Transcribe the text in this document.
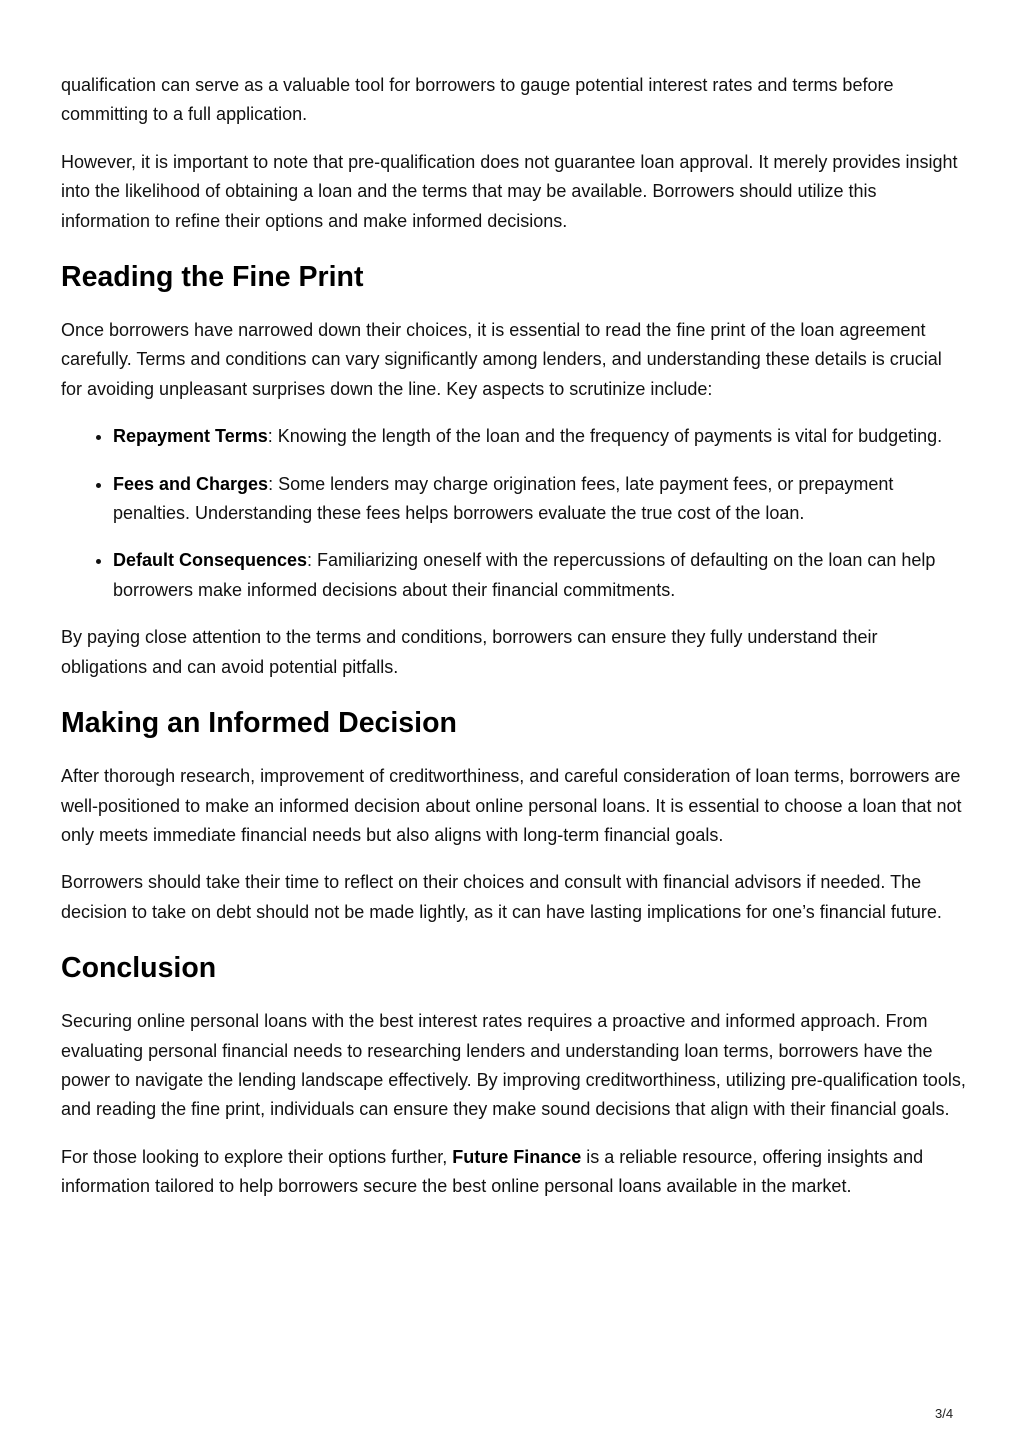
qualification can serve as a valuable tool for borrowers to gauge potential interest rates and terms before committing to a full application.

However, it is important to note that pre-qualification does not guarantee loan approval. It merely provides insight into the likelihood of obtaining a loan and the terms that may be available. Borrowers should utilize this information to refine their options and make informed decisions.

Reading the Fine Print

Once borrowers have narrowed down their choices, it is essential to read the fine print of the loan agreement carefully. Terms and conditions can vary significantly among lenders, and understanding these details is crucial for avoiding unpleasant surprises down the line. Key aspects to scrutinize include:

• Repayment Terms: Knowing the length of the loan and the frequency of payments is vital for budgeting.
• Fees and Charges: Some lenders may charge origination fees, late payment fees, or prepayment penalties. Understanding these fees helps borrowers evaluate the true cost of the loan.
• Default Consequences: Familiarizing oneself with the repercussions of defaulting on the loan can help borrowers make informed decisions about their financial commitments.

By paying close attention to the terms and conditions, borrowers can ensure they fully understand their obligations and can avoid potential pitfalls.

Making an Informed Decision

After thorough research, improvement of creditworthiness, and careful consideration of loan terms, borrowers are well-positioned to make an informed decision about online personal loans. It is essential to choose a loan that not only meets immediate financial needs but also aligns with long-term financial goals.

Borrowers should take their time to reflect on their choices and consult with financial advisors if needed. The decision to take on debt should not be made lightly, as it can have lasting implications for one’s financial future.

Conclusion

Securing online personal loans with the best interest rates requires a proactive and informed approach. From evaluating personal financial needs to researching lenders and understanding loan terms, borrowers have the power to navigate the lending landscape effectively. By improving creditworthiness, utilizing pre-qualification tools, and reading the fine print, individuals can ensure they make sound decisions that align with their financial goals.

For those looking to explore their options further, Future Finance is a reliable resource, offering insights and information tailored to help borrowers secure the best online personal loans available in the market.

3/4
